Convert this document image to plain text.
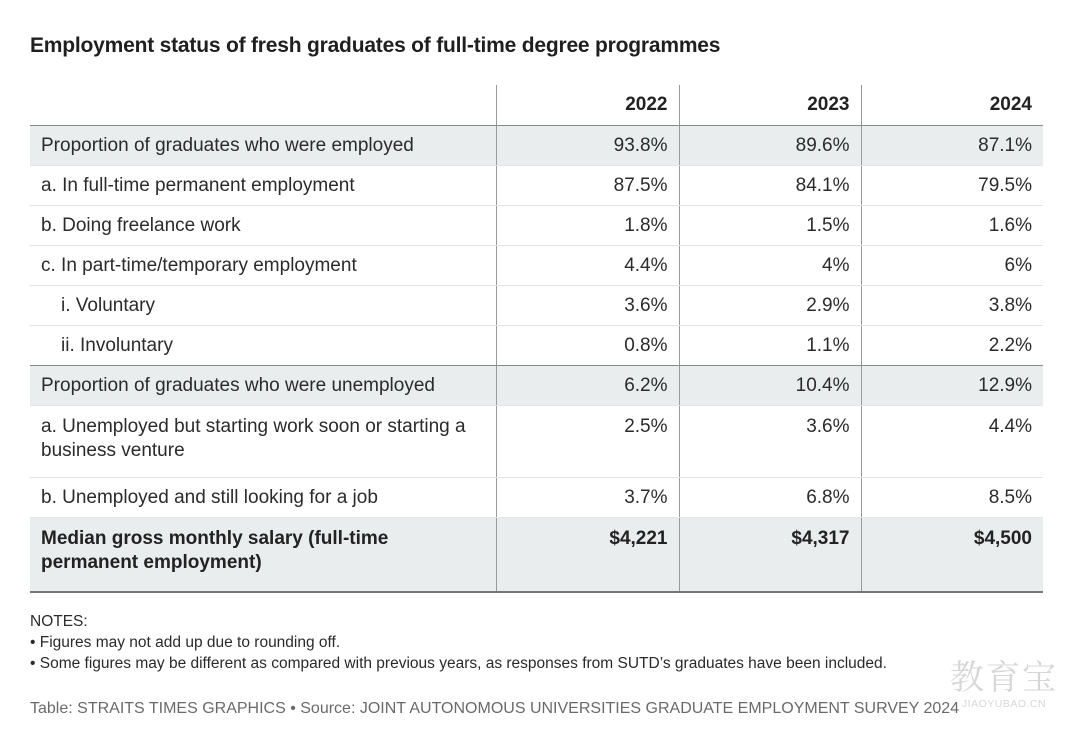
Employment status of fresh graduates of full-time degree programmes
	2022	2023	2024
Proportion of graduates who were employed	93.8%	89.6%	87.1%
a. In full-time permanent employment	87.5%	84.1%	79.5%
b. Doing freelance work	1.8%	1.5%	1.6%
c. In part-time/temporary employment	4.4%	4%	6%
i. Voluntary	3.6%	2.9%	3.8%
ii. Involuntary	0.8%	1.1%	2.2%
Proportion of graduates who were unemployed	6.2%	10.4%	12.9%
a. Unemployed but starting work soon or starting a business venture	2.5%	3.6%	4.4%
b. Unemployed and still looking for a job	3.7%	6.8%	8.5%
Median gross monthly salary (full-time permanent employment)	$4,221	$4,317	$4,500
NOTES:
• Figures may not add up due to rounding off.
• Some figures may be different as compared with previous years, as responses from SUTD’s graduates have been included.
Table: STRAITS TIMES GRAPHICS • Source: JOINT AUTONOMOUS UNIVERSITIES GRADUATE EMPLOYMENT SURVEY 2024
教育宝
JIAOYUBAO.CN
